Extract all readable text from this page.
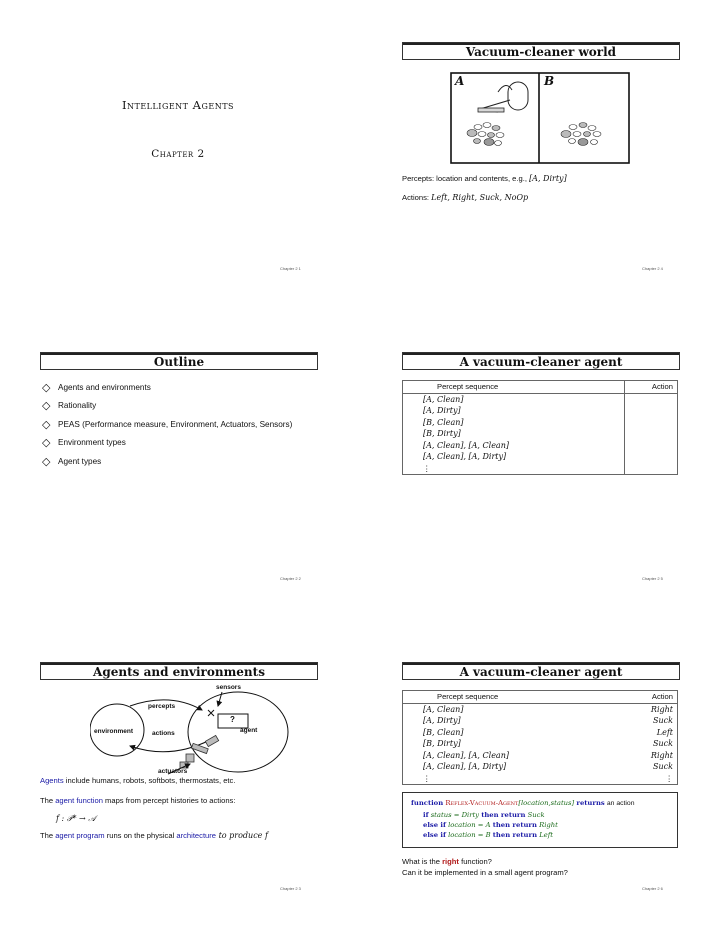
Intelligent Agents
Chapter 2
Chapter 2 1
Vacuum-cleaner world
A	B
Percepts: location and contents, e.g., [A, Dirty]
Actions: Left, Right, Suck, NoOp
Chapter 2 4
Outline
◇ Agents and environments
◇ Rationality
◇ PEAS (Performance measure, Environment, Actuators, Sensors)
◇ Environment types
◇ Agent types
Chapter 2 2
A vacuum-cleaner agent
Percept sequence	Action
[A, Clean]	
[A, Dirty]	
[B, Clean]	
[B, Dirty]	
[A, Clean], [A, Clean]	
[A, Clean], [A, Dirty]	
⋮	
Chapter 2 5
Agents and environments
sensors
percepts
environment
?
agent
actions
actuators
Agents include humans, robots, softbots, thermostats, etc.
The agent function maps from percept histories to actions:
f : 𝒫* → 𝒜
The agent program runs on the physical architecture to produce f
Chapter 2 3
A vacuum-cleaner agent
Percept sequence	Action
[A, Clean]	Right
[A, Dirty]	Suck
[B, Clean]	Left
[B, Dirty]	Suck
[A, Clean], [A, Clean]	Right
[A, Clean], [A, Dirty]	Suck
⋮	⋮
function Reflex-Vacuum-Agent[location,status] returns an action
if status = Dirty then return Suck
else if location = A then return Right
else if location = B then return Left
What is the right function?
Can it be implemented in a small agent program?
Chapter 2 6
